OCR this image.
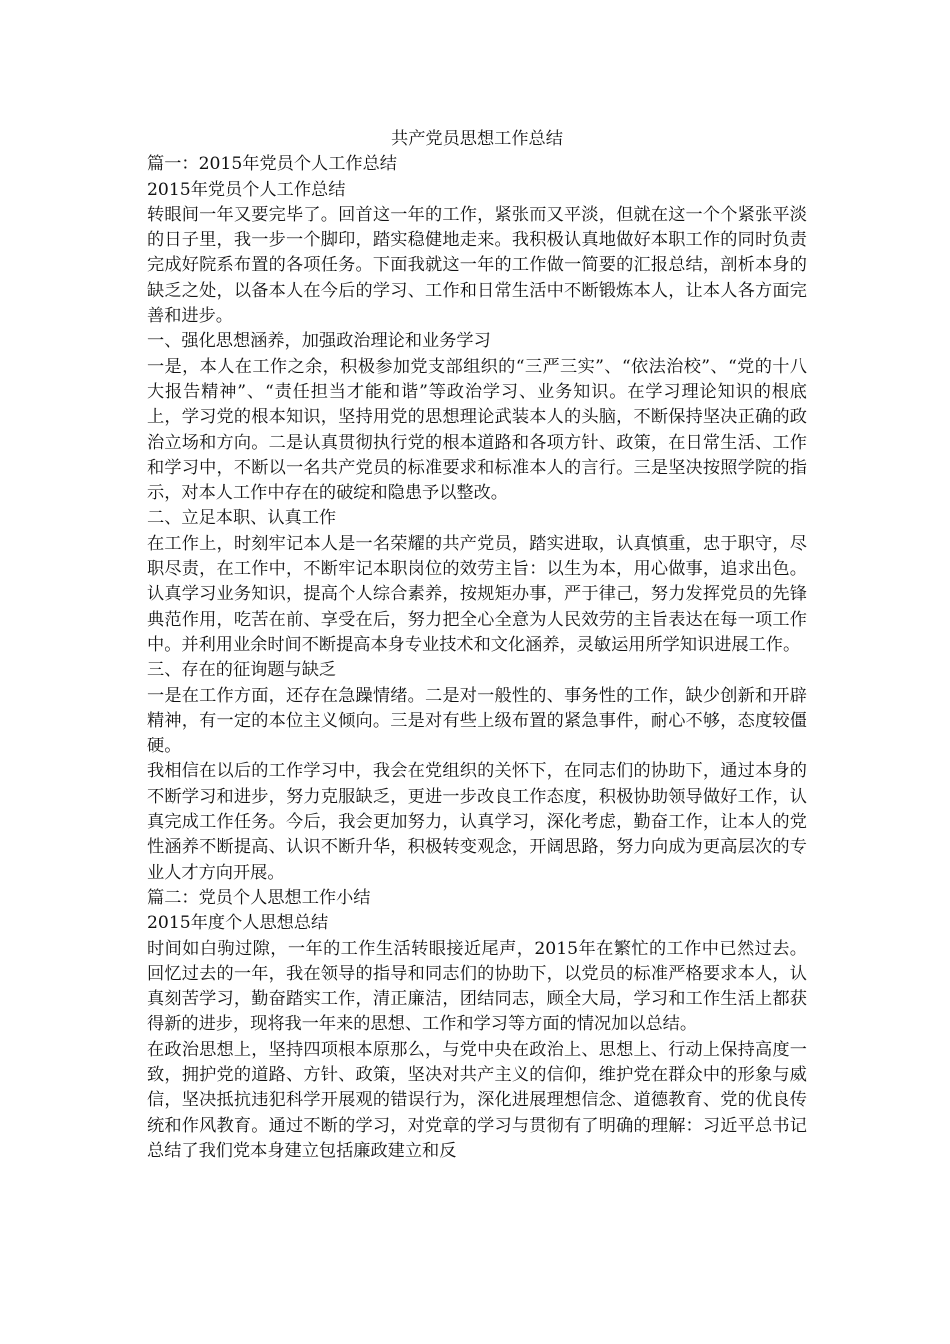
共产党员思想工作总结

篇一：2015年党员个人工作总结

2015年党员个人工作总结

转眼间一年又要完毕了。回首这一年的工作，紧张而又平淡，但就在这一个个紧张平淡的日子里，我一步一个脚印，踏实稳健地走来。我积极认真地做好本职工作的同时负责完成好院系布置的各项任务。下面我就这一年的工作做一简要的汇报总结，剖析本身的缺乏之处，以备本人在今后的学习、工作和日常生活中不断锻炼本人，让本人各方面完善和进步。

一、强化思想涵养，加强政治理论和业务学习

一是，本人在工作之余，积极参加党支部组织的“三严三实”、“依法治校”、“党的十八大报告精神”、“责任担当才能和谐”等政治学习、业务知识。在学习理论知识的根底上，学习党的根本知识，坚持用党的思想理论武装本人的头脑，不断保持坚决正确的政治立场和方向。二是认真贯彻执行党的根本道路和各项方针、政策，在日常生活、工作和学习中，不断以一名共产党员的标准要求和标准本人的言行。三是坚决按照学院的指示，对本人工作中存在的破绽和隐患予以整改。

二、立足本职、认真工作

在工作上，时刻牢记本人是一名荣耀的共产党员，踏实进取，认真慎重，忠于职守，尽职尽责，在工作中，不断牢记本职岗位的效劳主旨：以生为本，用心做事，追求出色。认真学习业务知识，提高个人综合素养，按规矩办事，严于律己，努力发挥党员的先锋典范作用，吃苦在前、享受在后，努力把全心全意为人民效劳的主旨表达在每一项工作中。并利用业余时间不断提高本身专业技术和文化涵养，灵敏运用所学知识进展工作。

三、存在的征询题与缺乏

一是在工作方面，还存在急躁情绪。二是对一般性的、事务性的工作，缺少创新和开辟精神，有一定的本位主义倾向。三是对有些上级布置的紧急事件，耐心不够，态度较僵硬。

我相信在以后的工作学习中，我会在党组织的关怀下，在同志们的协助下，通过本身的不断学习和进步，努力克服缺乏，更进一步改良工作态度，积极协助领导做好工作，认真完成工作任务。今后，我会更加努力，认真学习，深化考虑，勤奋工作，让本人的党性涵养不断提高、认识不断升华，积极转变观念，开阔思路，努力向成为更高层次的专业人才方向开展。

篇二：党员个人思想工作小结

2015年度个人思想总结

时间如白驹过隙，一年的工作生活转眼接近尾声，2015年在繁忙的工作中已然过去。回忆过去的一年，我在领导的指导和同志们的协助下，以党员的标准严格要求本人，认真刻苦学习，勤奋踏实工作，清正廉洁，团结同志，顾全大局，学习和工作生活上都获得新的进步，现将我一年来的思想、工作和学习等方面的情况加以总结。

在政治思想上，坚持四项根本原那么，与党中央在政治上、思想上、行动上保持高度一致，拥护党的道路、方针、政策，坚决对共产主义的信仰，维护党在群众中的形象与威信，坚决抵抗违犯科学开展观的错误行为，深化进展理想信念、道德教育、党的优良传统和作风教育。通过不断的学习，对党章的学习与贯彻有了明确的理解：习近平总书记总结了我们党本身建立包括廉政建立和反
